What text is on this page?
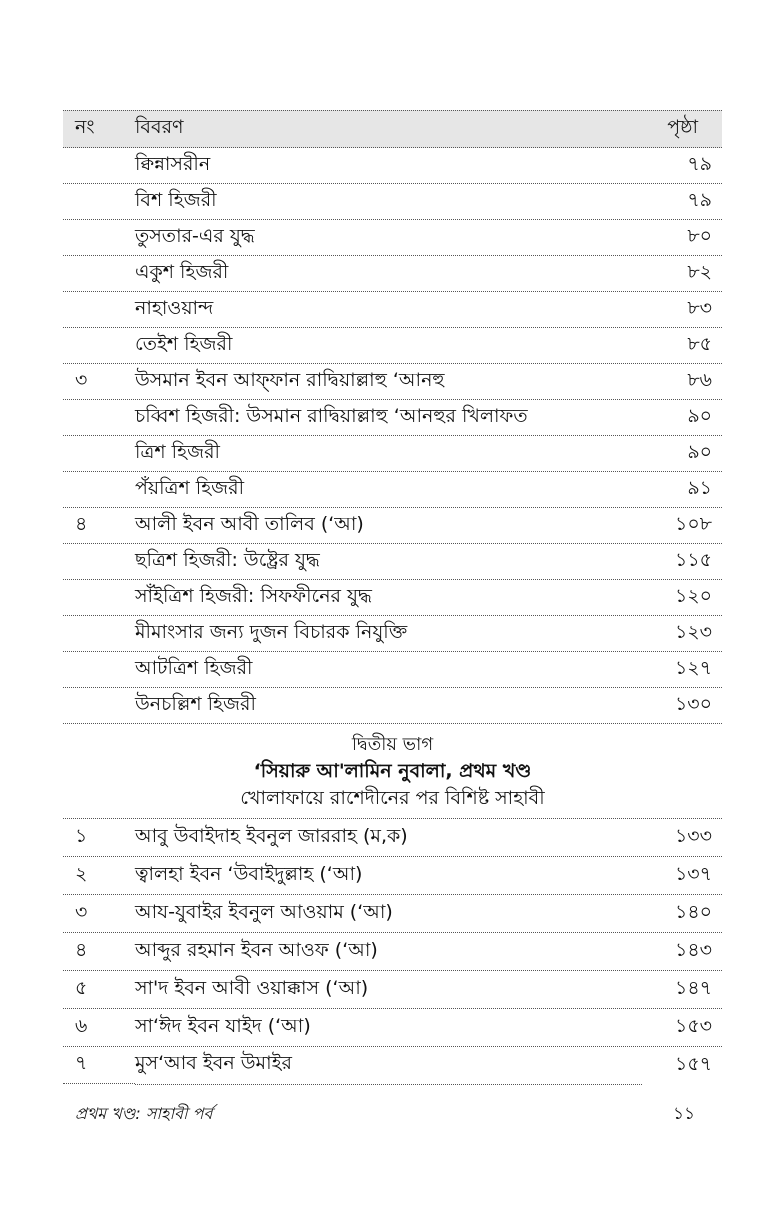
নং	বিবরণ	পৃষ্ঠা
ক্বিন্নাসরীন	৭৯
বিশ হিজরী	৭৯
তুসতার-এর যুদ্ধ	৮০
একুশ হিজরী	৮২
নাহাওয়ান্দ	৮৩
তেইশ হিজরী	৮৫
৩	উসমান ইবন আফ্ফান রাদ্বিয়াল্লাহু ‘আনহু	৮৬
চব্বিশ হিজরী: উসমান রাদ্বিয়াল্লাহু ‘আনহুর খিলাফত	৯০
ত্রিশ হিজরী	৯০
পঁয়ত্রিশ হিজরী	৯১
৪	আলী ইবন আবী তালিব (‘আ)	১০৮
ছত্রিশ হিজরী: উষ্ট্রের যুদ্ধ	১১৫
সাঁইত্রিশ হিজরী: সিফফীনের যুদ্ধ	১২০
মীমাংসার জন্য দুজন বিচারক নিযুক্তি	১২৩
আটত্রিশ হিজরী	১২৭
উনচল্লিশ হিজরী	১৩০
দ্বিতীয় ভাগ
‘সিয়ারু আ'লামিন নুবালা, প্রথম খণ্ড
খোলাফায়ে রাশেদীনের পর বিশিষ্ট সাহাবী
১	আবু উবাইদাহ ইবনুল জাররাহ (ম,ক)	১৩৩
২	ত্বালহা ইবন ‘উবাইদুল্লাহ (‘আ)	১৩৭
৩	আয-যুবাইর ইবনুল আওয়াম (‘আ)	১৪০
৪	আব্দুর রহমান ইবন আওফ (‘আ)	১৪৩
৫	সা'দ ইবন আবী ওয়াক্কাস (‘আ)	১৪৭
৬	সা‘ঈদ ইবন যাইদ (‘আ)	১৫৩
৭	মুস‘আব ইবন উমাইর	১৫৭
প্রথম খণ্ড: সাহাবী পর্ব	১১
